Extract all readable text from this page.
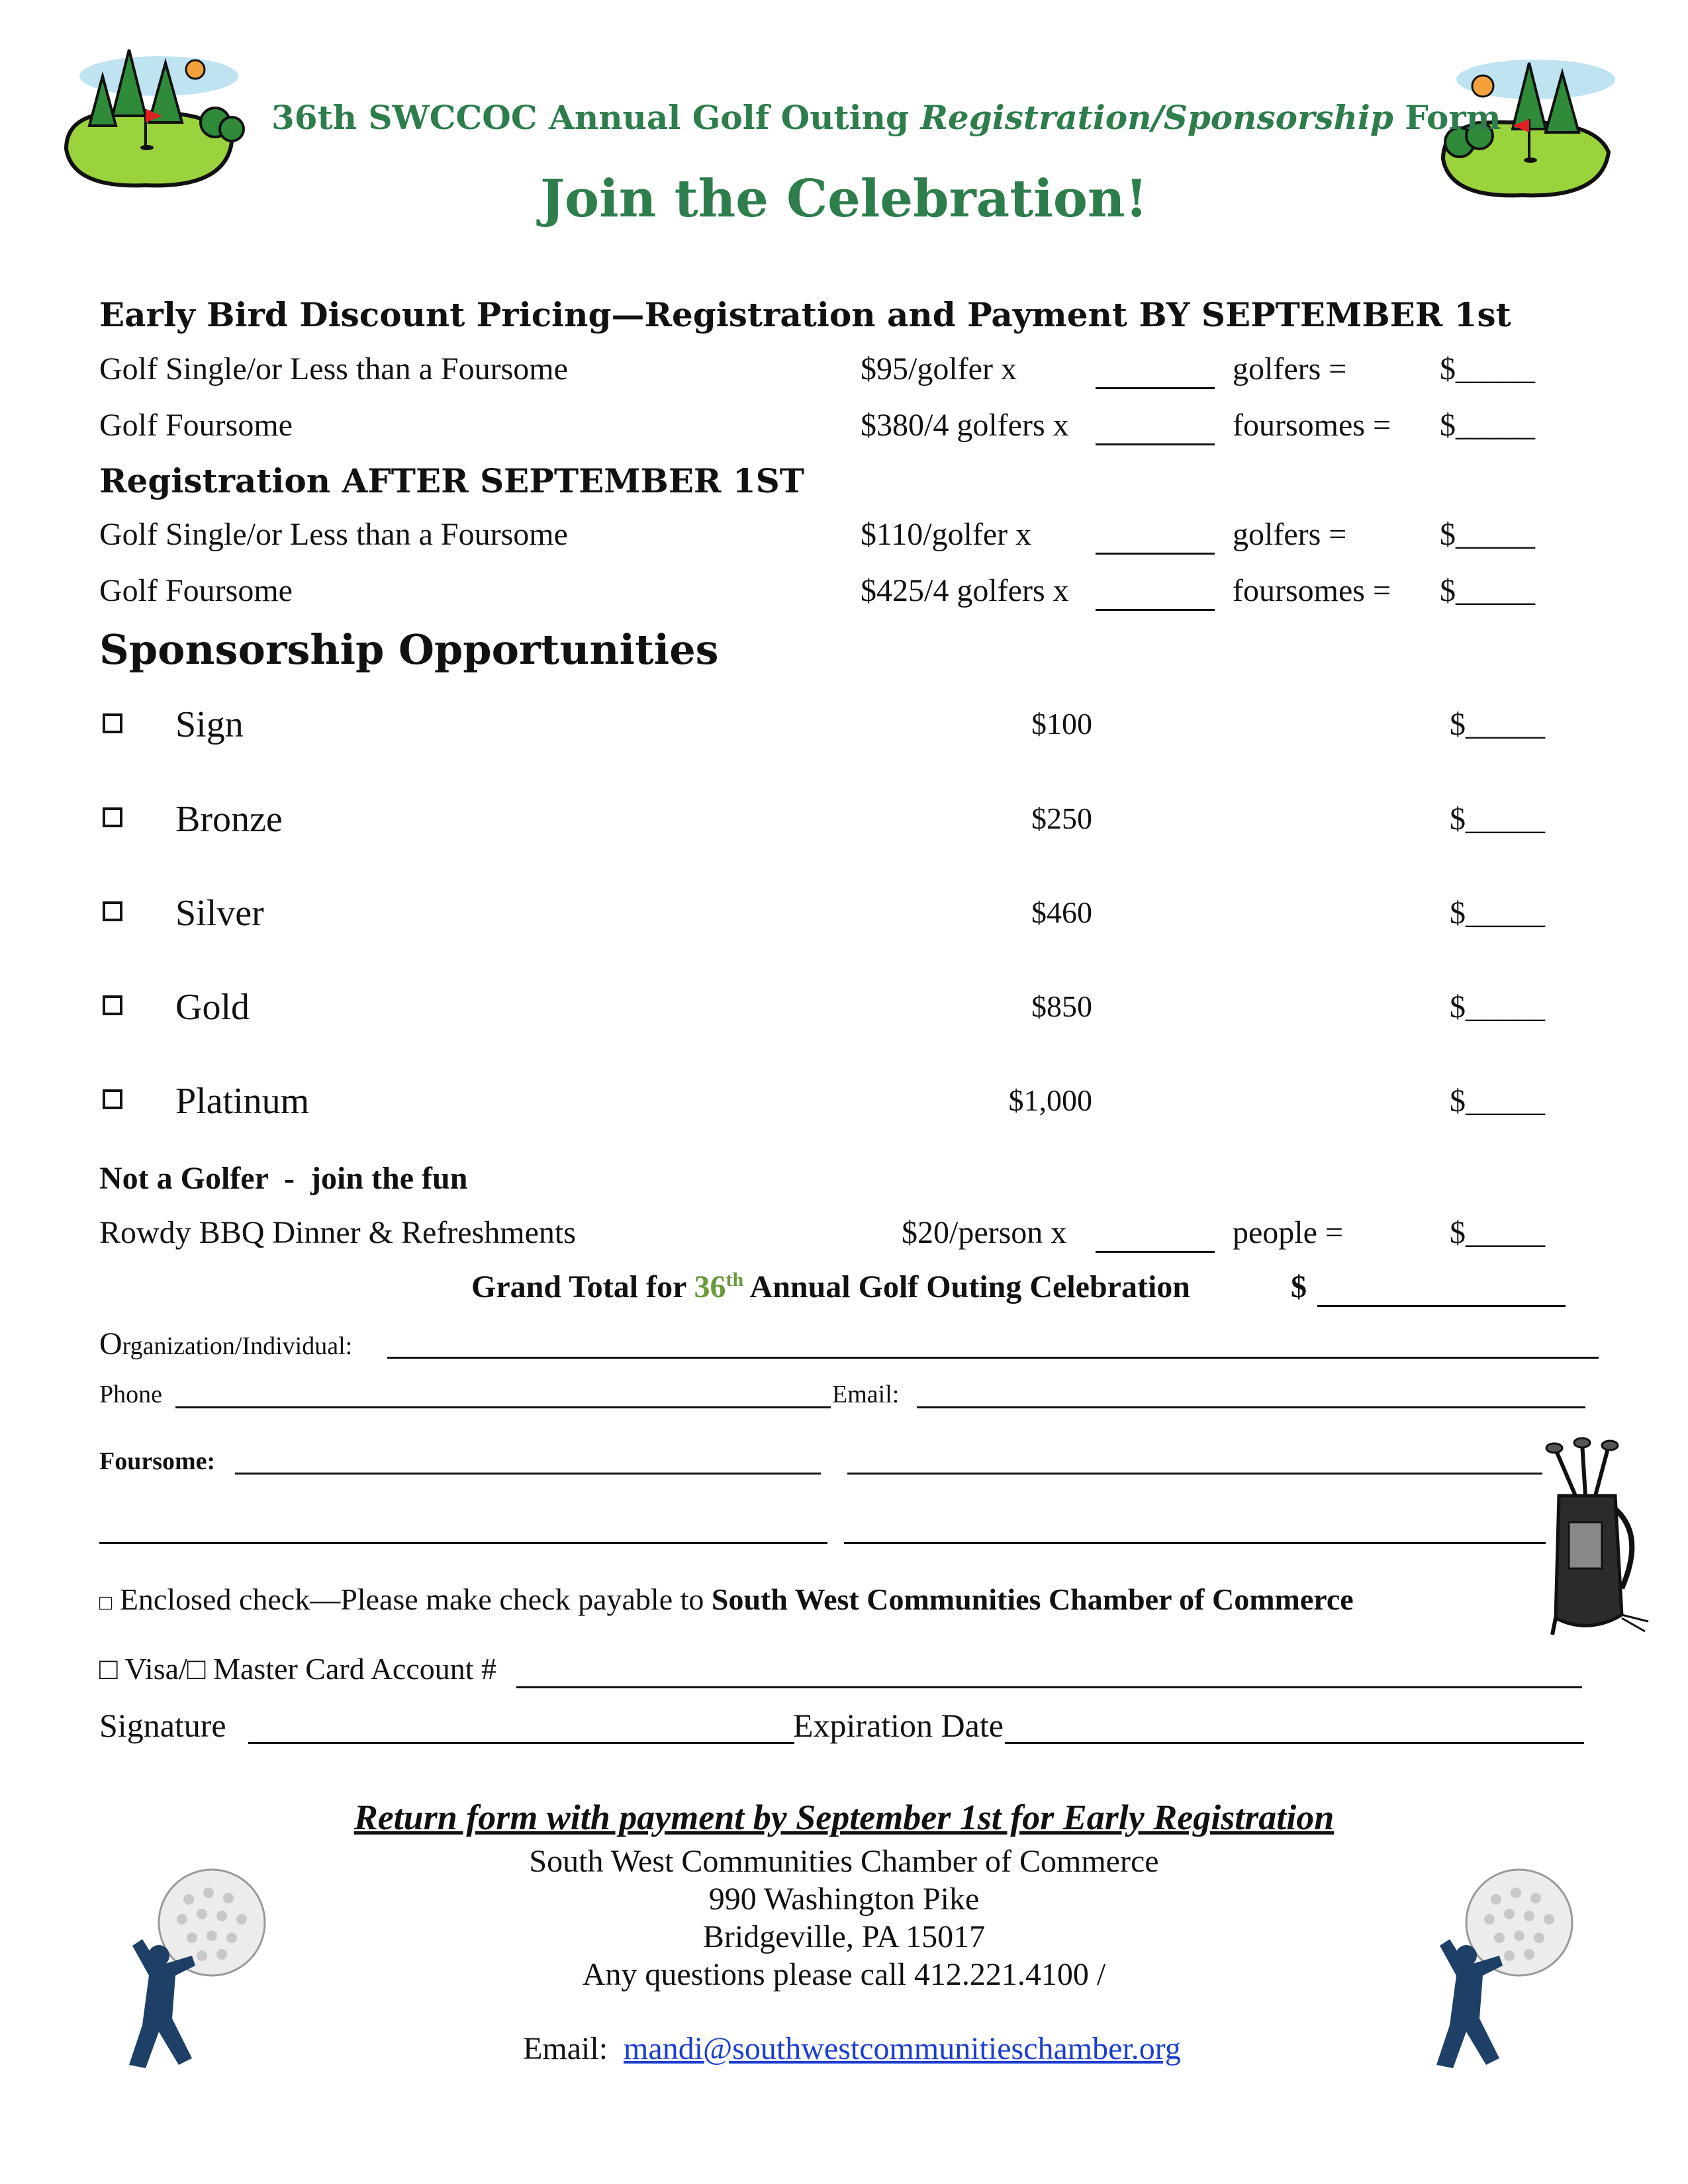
36th SWCCOC Annual Golf Outing Registration/Sponsorship Form
Join the Celebration!
Early Bird Discount Pricing—Registration and Payment BY SEPTEMBER 1st
Golf Single/or Less than a Foursome	$95/golfer x	golfers =	$_____
Golf Foursome	$380/4 golfers x	foursomes = $_____
Registration AFTER SEPTEMBER 1ST
Golf Single/or Less than a Foursome	$110/golfer x	golfers =	$_____
Golf Foursome	$425/4 golfers x	foursomes = $_____
Sponsorship Opportunities
Sign	$100	$_____
Bronze	$250	$_____
Silver	$460	$_____
Gold	$850	$_____
Platinum	$1,000	$_____
Not a Golfer  -  join the fun
Rowdy BBQ Dinner & Refreshments	$20/person x	people =	$_____
Grand Total for 36th Annual Golf Outing Celebration	$
Organization/Individual:
Phone	Email:
Foursome:
□ Enclosed check—Please make check payable to South West Communities Chamber of Commerce
□ Visa/□ Master Card Account #
Signature	Expiration Date
Return form with payment by September 1st for Early Registration
South West Communities Chamber of Commerce
990 Washington Pike
Bridgeville, PA 15017
Any questions please call 412.221.4100 /

Email:  mandi@southwestcommunitieschamber.org
